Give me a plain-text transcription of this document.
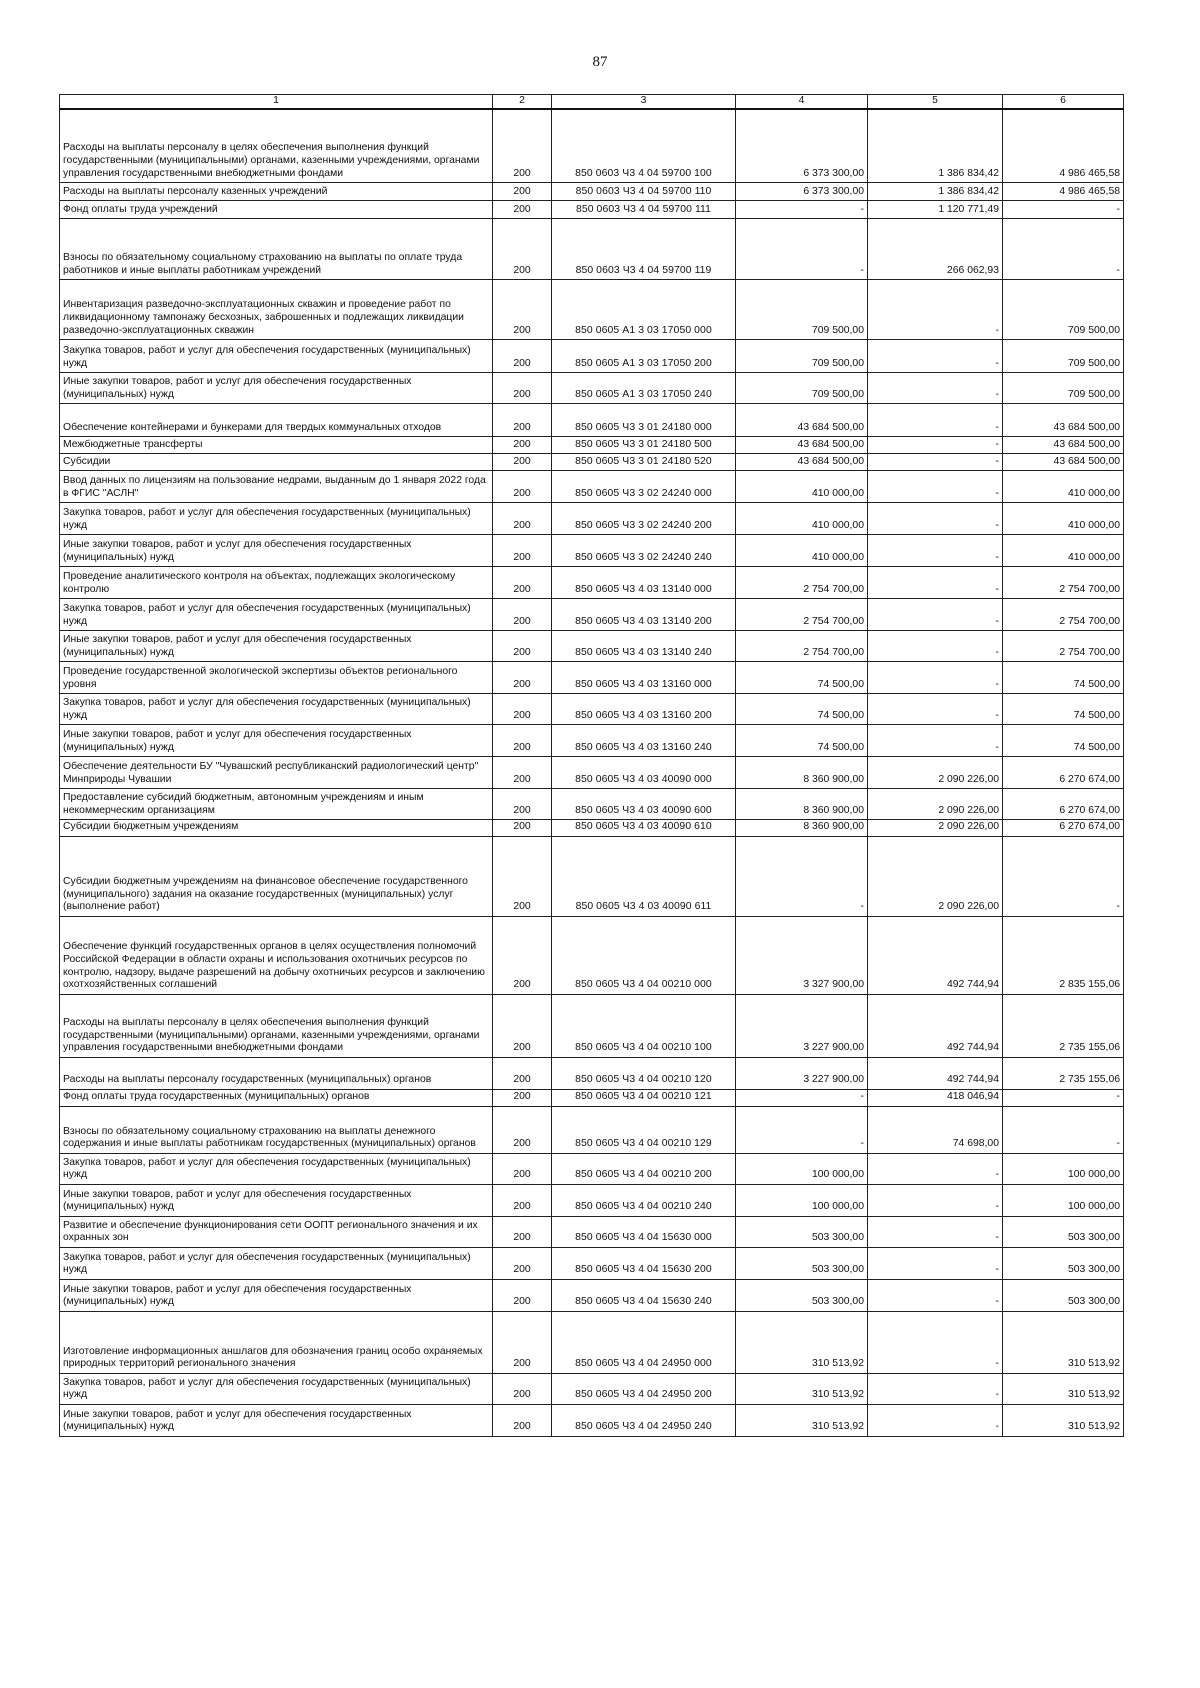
87
1	2	3	4	5	6
Расходы на выплаты персоналу в целях обеспечения выполнения функций государственными (муниципальными) органами, казенными учреждениями, органами управления государственными внебюджетными фондами	200	850 0603 Ч3 4 04 59700 100	6 373 300,00	1 386 834,42	4 986 465,58
Расходы на выплаты персоналу казенных учреждений	200	850 0603 Ч3 4 04 59700 110	6 373 300,00	1 386 834,42	4 986 465,58
Фонд оплаты труда учреждений	200	850 0603 Ч3 4 04 59700 111	-	1 120 771,49	-
Взносы по обязательному социальному страхованию на выплаты по оплате труда работников и иные выплаты работникам учреждений	200	850 0603 Ч3 4 04 59700 119	-	266 062,93	-
Инвентаризация разведочно-эксплуатационных скважин и проведение работ по ликвидационному тампонажу бесхозных, заброшенных и подлежащих ликвидации разведочно-эксплуатационных скважин	200	850 0605 А1 3 03 17050 000	709 500,00	-	709 500,00
Закупка товаров, работ и услуг для обеспечения государственных (муниципальных) нужд	200	850 0605 А1 3 03 17050 200	709 500,00	-	709 500,00
Иные закупки товаров, работ и услуг для обеспечения государственных (муниципальных) нужд	200	850 0605 А1 3 03 17050 240	709 500,00	-	709 500,00
Обеспечение контейнерами и бункерами для твердых коммунальных отходов	200	850 0605 Ч3 3 01 24180 000	43 684 500,00	-	43 684 500,00
Межбюджетные трансферты	200	850 0605 Ч3 3 01 24180 500	43 684 500,00	-	43 684 500,00
Субсидии	200	850 0605 Ч3 3 01 24180 520	43 684 500,00	-	43 684 500,00
Ввод данных по лицензиям на пользование недрами, выданным до 1 января 2022 года в ФГИС "АСЛН"	200	850 0605 Ч3 3 02 24240 000	410 000,00	-	410 000,00
Закупка товаров, работ и услуг для обеспечения государственных (муниципальных) нужд	200	850 0605 Ч3 3 02 24240 200	410 000,00	-	410 000,00
Иные закупки товаров, работ и услуг для обеспечения государственных (муниципальных) нужд	200	850 0605 Ч3 3 02 24240 240	410 000,00	-	410 000,00
Проведение аналитического контроля на объектах, подлежащих экологическому контролю	200	850 0605 Ч3 4 03 13140 000	2 754 700,00	-	2 754 700,00
Закупка товаров, работ и услуг для обеспечения государственных (муниципальных) нужд	200	850 0605 Ч3 4 03 13140 200	2 754 700,00	-	2 754 700,00
Иные закупки товаров, работ и услуг для обеспечения государственных (муниципальных) нужд	200	850 0605 Ч3 4 03 13140 240	2 754 700,00	-	2 754 700,00
Проведение государственной экологической экспертизы объектов регионального уровня	200	850 0605 Ч3 4 03 13160 000	74 500,00	-	74 500,00
Закупка товаров, работ и услуг для обеспечения государственных (муниципальных) нужд	200	850 0605 Ч3 4 03 13160 200	74 500,00	-	74 500,00
Иные закупки товаров, работ и услуг для обеспечения государственных (муниципальных) нужд	200	850 0605 Ч3 4 03 13160 240	74 500,00	-	74 500,00
Обеспечение деятельности БУ "Чувашский республиканский радиологический центр" Минприроды Чувашии	200	850 0605 Ч3 4 03 40090 000	8 360 900,00	2 090 226,00	6 270 674,00
Предоставление субсидий бюджетным, автономным учреждениям и иным некоммерческим организациям	200	850 0605 Ч3 4 03 40090 600	8 360 900,00	2 090 226,00	6 270 674,00
Субсидии бюджетным учреждениям	200	850 0605 Ч3 4 03 40090 610	8 360 900,00	2 090 226,00	6 270 674,00
Субсидии бюджетным учреждениям на финансовое обеспечение государственного (муниципального) задания на оказание государственных (муниципальных) услуг (выполнение работ)	200	850 0605 Ч3 4 03 40090 611	-	2 090 226,00	-
Обеспечение функций государственных органов в целях осуществления полномочий Российской Федерации в области охраны и использования охотничьих ресурсов по контролю, надзору, выдаче разрешений на добычу охотничьих ресурсов и заключению охотхозяйственных соглашений	200	850 0605 Ч3 4 04 00210 000	3 327 900,00	492 744,94	2 835 155,06
Расходы на выплаты персоналу в целях обеспечения выполнения функций государственными (муниципальными) органами, казенными учреждениями, органами управления государственными внебюджетными фондами	200	850 0605 Ч3 4 04 00210 100	3 227 900,00	492 744,94	2 735 155,06
Расходы на выплаты персоналу государственных (муниципальных) органов	200	850 0605 Ч3 4 04 00210 120	3 227 900,00	492 744,94	2 735 155,06
Фонд оплаты труда государственных (муниципальных) органов	200	850 0605 Ч3 4 04 00210 121	-	418 046,94	-
Взносы по обязательному социальному страхованию на выплаты денежного содержания и иные выплаты работникам государственных (муниципальных) органов	200	850 0605 Ч3 4 04 00210 129	-	74 698,00	-
Закупка товаров, работ и услуг для обеспечения государственных (муниципальных) нужд	200	850 0605 Ч3 4 04 00210 200	100 000,00	-	100 000,00
Иные закупки товаров, работ и услуг для обеспечения государственных (муниципальных) нужд	200	850 0605 Ч3 4 04 00210 240	100 000,00	-	100 000,00
Развитие и обеспечение функционирования сети ООПТ регионального значения и их охранных зон	200	850 0605 Ч3 4 04 15630 000	503 300,00	-	503 300,00
Закупка товаров, работ и услуг для обеспечения государственных (муниципальных) нужд	200	850 0605 Ч3 4 04 15630 200	503 300,00	-	503 300,00
Иные закупки товаров, работ и услуг для обеспечения государственных (муниципальных) нужд	200	850 0605 Ч3 4 04 15630 240	503 300,00	-	503 300,00
Изготовление информационных аншлагов для обозначения границ особо охраняемых природных территорий регионального значения	200	850 0605 Ч3 4 04 24950 000	310 513,92	-	310 513,92
Закупка товаров, работ и услуг для обеспечения государственных (муниципальных) нужд	200	850 0605 Ч3 4 04 24950 200	310 513,92	-	310 513,92
Иные закупки товаров, работ и услуг для обеспечения государственных (муниципальных) нужд	200	850 0605 Ч3 4 04 24950 240	310 513,92	-	310 513,92
